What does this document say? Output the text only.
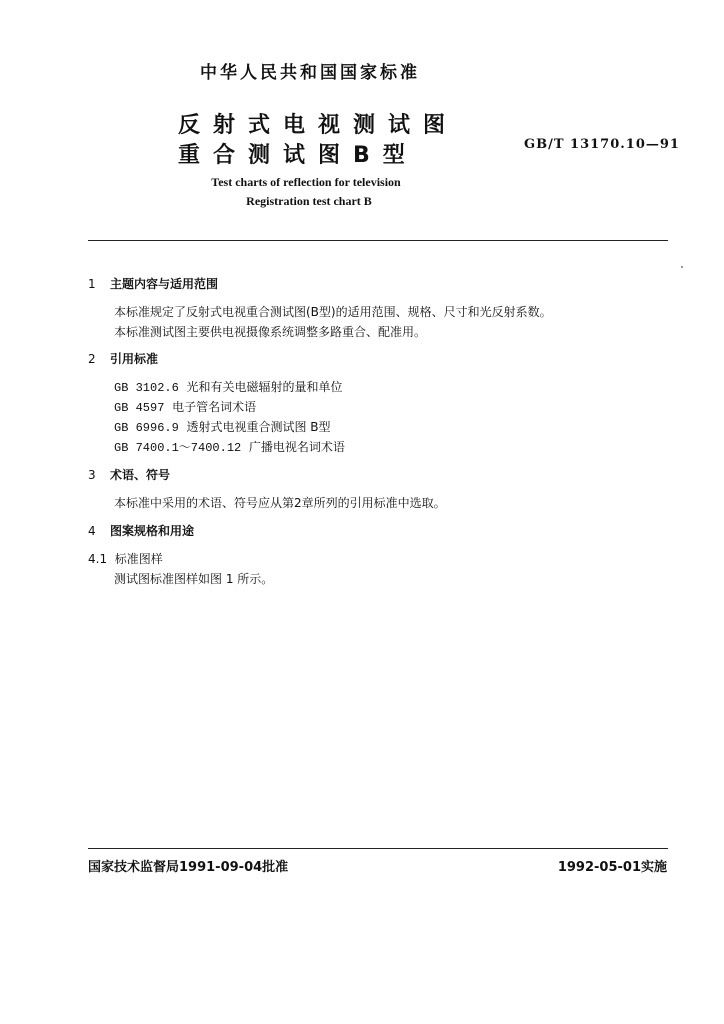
中华人民共和国国家标准
反射式电视测试图
重合测试图B型	GB/T 13170.10—91
Test charts of reflection for television
Registration test chart B
1 主题内容与适用范围
本标准规定了反射式电视重合测试图(B型)的适用范围、规格、尺寸和光反射系数。
本标准测试图主要供电视摄像系统调整多路重合、配准用。
2 引用标准
GB 3102.6 光和有关电磁辐射的量和单位
GB 4597 电子管名词术语
GB 6996.9 透射式电视重合测试图 B型
GB 7400.1～7400.12 广播电视名词术语
3 术语、符号
本标准中采用的术语、符号应从第2章所列的引用标准中选取。
4 图案规格和用途
4.1 标准图样
测试图标准图样如图 1 所示。
国家技术监督局1991-09-04批准	1992-05-01实施
